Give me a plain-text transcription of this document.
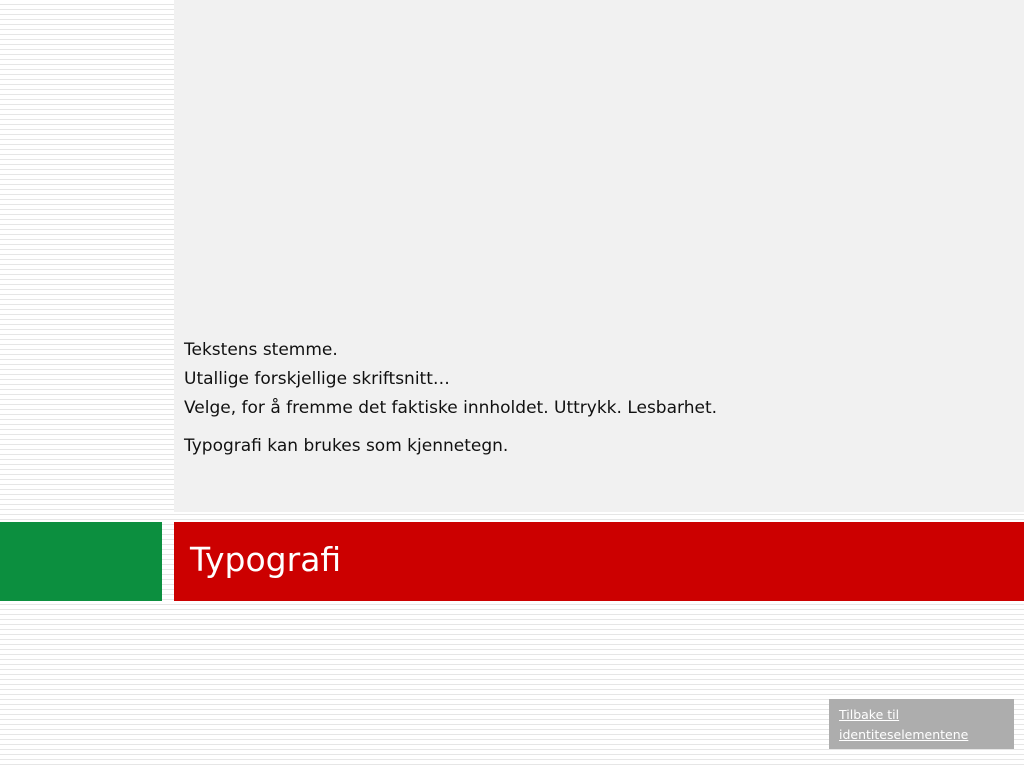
Tekstens stemme.

Utallige forskjellige skriftsnitt…

Velge, for å fremme det faktiske innholdet. Uttrykk. Lesbarhet.

Typografi kan brukes som kjennetegn.

Typografi
Tilbake til identiteselementene
